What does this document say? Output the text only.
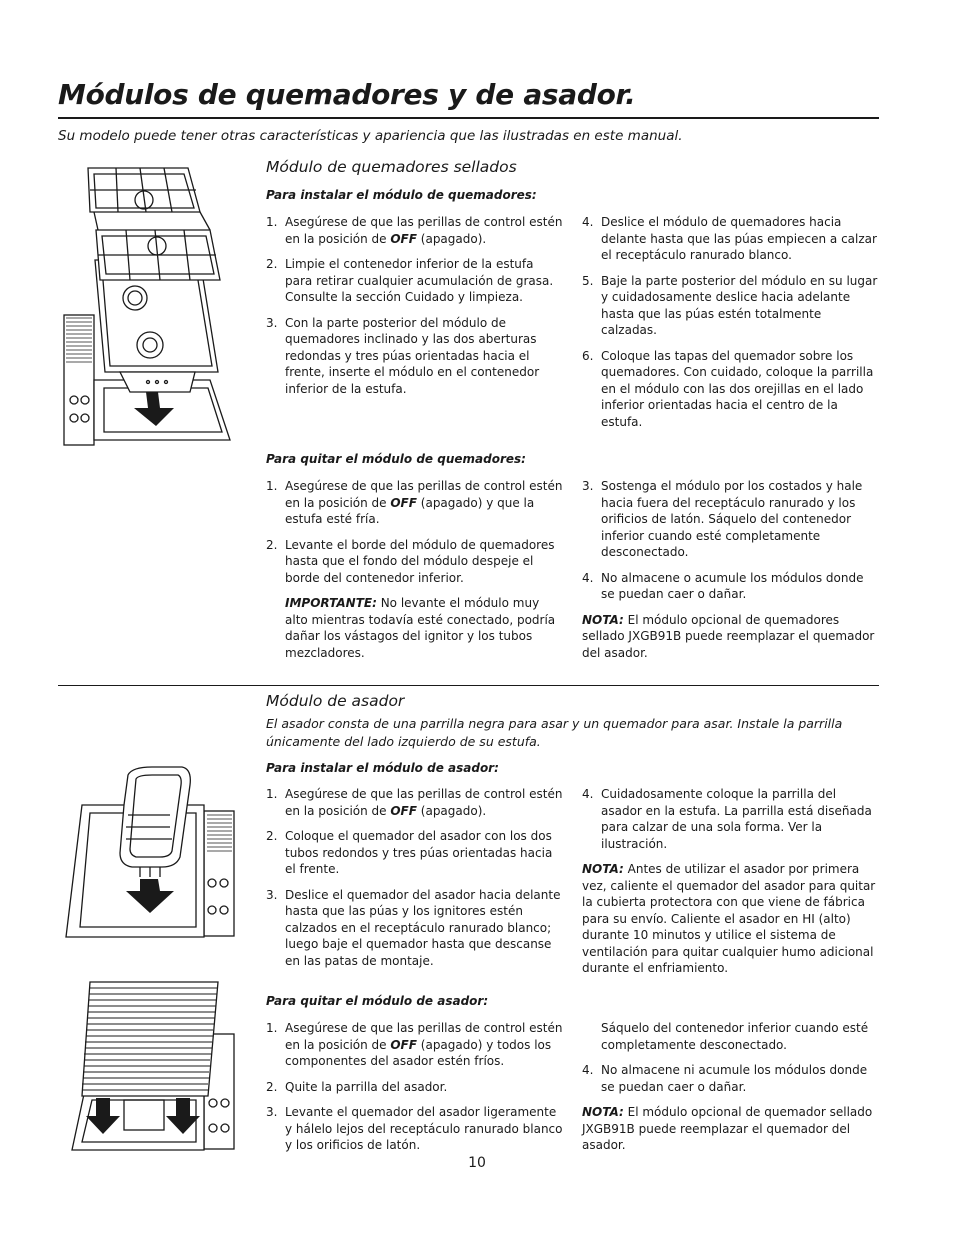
Módulos de quemadores y de asador.
Su modelo puede tener otras características y apariencia que las ilustradas en este manual.
Módulo de quemadores sellados
Para instalar el módulo de quemadores:
1. Asegúrese de que las perillas de control estén en la posición de OFF (apagado).
2. Limpie el contenedor inferior de la estufa para retirar cualquier acumulación de grasa. Consulte la sección Cuidado y limpieza.
3. Con la parte posterior del módulo de quemadores inclinado y las dos aberturas redondas y tres púas orientadas hacia el frente, inserte el módulo en el contenedor inferior de la estufa.
4. Deslice el módulo de quemadores hacia delante hasta que las púas empiecen a calzar el receptáculo ranurado blanco.
5. Baje la parte posterior del módulo en su lugar y cuidadosamente deslice hacia adelante hasta que las púas estén totalmente calzadas.
6. Coloque las tapas del quemador sobre los quemadores. Con cuidado, coloque la parrilla en el módulo con las dos orejillas en el lado inferior orientadas hacia el centro de la estufa.
Para quitar el módulo de quemadores:
1. Asegúrese de que las perillas de control estén en la posición de OFF (apagado) y que la estufa esté fría.
2. Levante el borde del módulo de quemadores hasta que el fondo del módulo despeje el borde del contenedor inferior.
IMPORTANTE: No levante el módulo muy alto mientras todavía esté conectado, podría dañar los vástagos del ignitor y los tubos mezcladores.
3. Sostenga el módulo por los costados y hale hacia fuera del receptáculo ranurado y los orificios de latón. Sáquelo del contenedor inferior cuando esté completamente desconectado.
4. No almacene o acumule los módulos donde se puedan caer o dañar.
NOTA: El módulo opcional de quemadores sellado JXGB91B puede reemplazar el quemador del asador.
Módulo de asador
El asador consta de una parrilla negra para asar y un quemador para asar. Instale la parrilla únicamente del lado izquierdo de su estufa.
Para instalar el módulo de asador:
1. Asegúrese de que las perillas de control estén en la posición de OFF (apagado).
2. Coloque el quemador del asador con los dos tubos redondos y tres púas orientadas hacia el frente.
3. Deslice el quemador del asador hacia delante hasta que las púas y los ignitores estén calzados en el receptáculo ranurado blanco; luego baje el quemador hasta que descanse en las patas de montaje.
4. Cuidadosamente coloque la parrilla del asador en la estufa. La parrilla está diseñada para calzar de una sola forma. Ver la ilustración.
NOTA: Antes de utilizar el asador por primera vez, caliente el quemador del asador para quitar la cubierta protectora con que viene de fábrica para su envío. Caliente el asador en HI (alto) durante 10 minutos y utilice el sistema de ventilación para quitar cualquier humo adicional durante el enfriamiento.
Para quitar el módulo de asador:
1. Asegúrese de que las perillas de control estén en la posición de OFF (apagado) y todos los componentes del asador estén fríos.
2. Quite la parrilla del asador.
3. Levante el quemador del asador ligeramente y hálelo lejos del receptáculo ranurado blanco y los orificios de latón.
Sáquelo del contenedor inferior cuando esté completamente desconectado.
4. No almacene ni acumule los módulos donde se puedan caer o dañar.
NOTA: El módulo opcional de quemador sellado JXGB91B puede reemplazar el quemador del asador.
10
